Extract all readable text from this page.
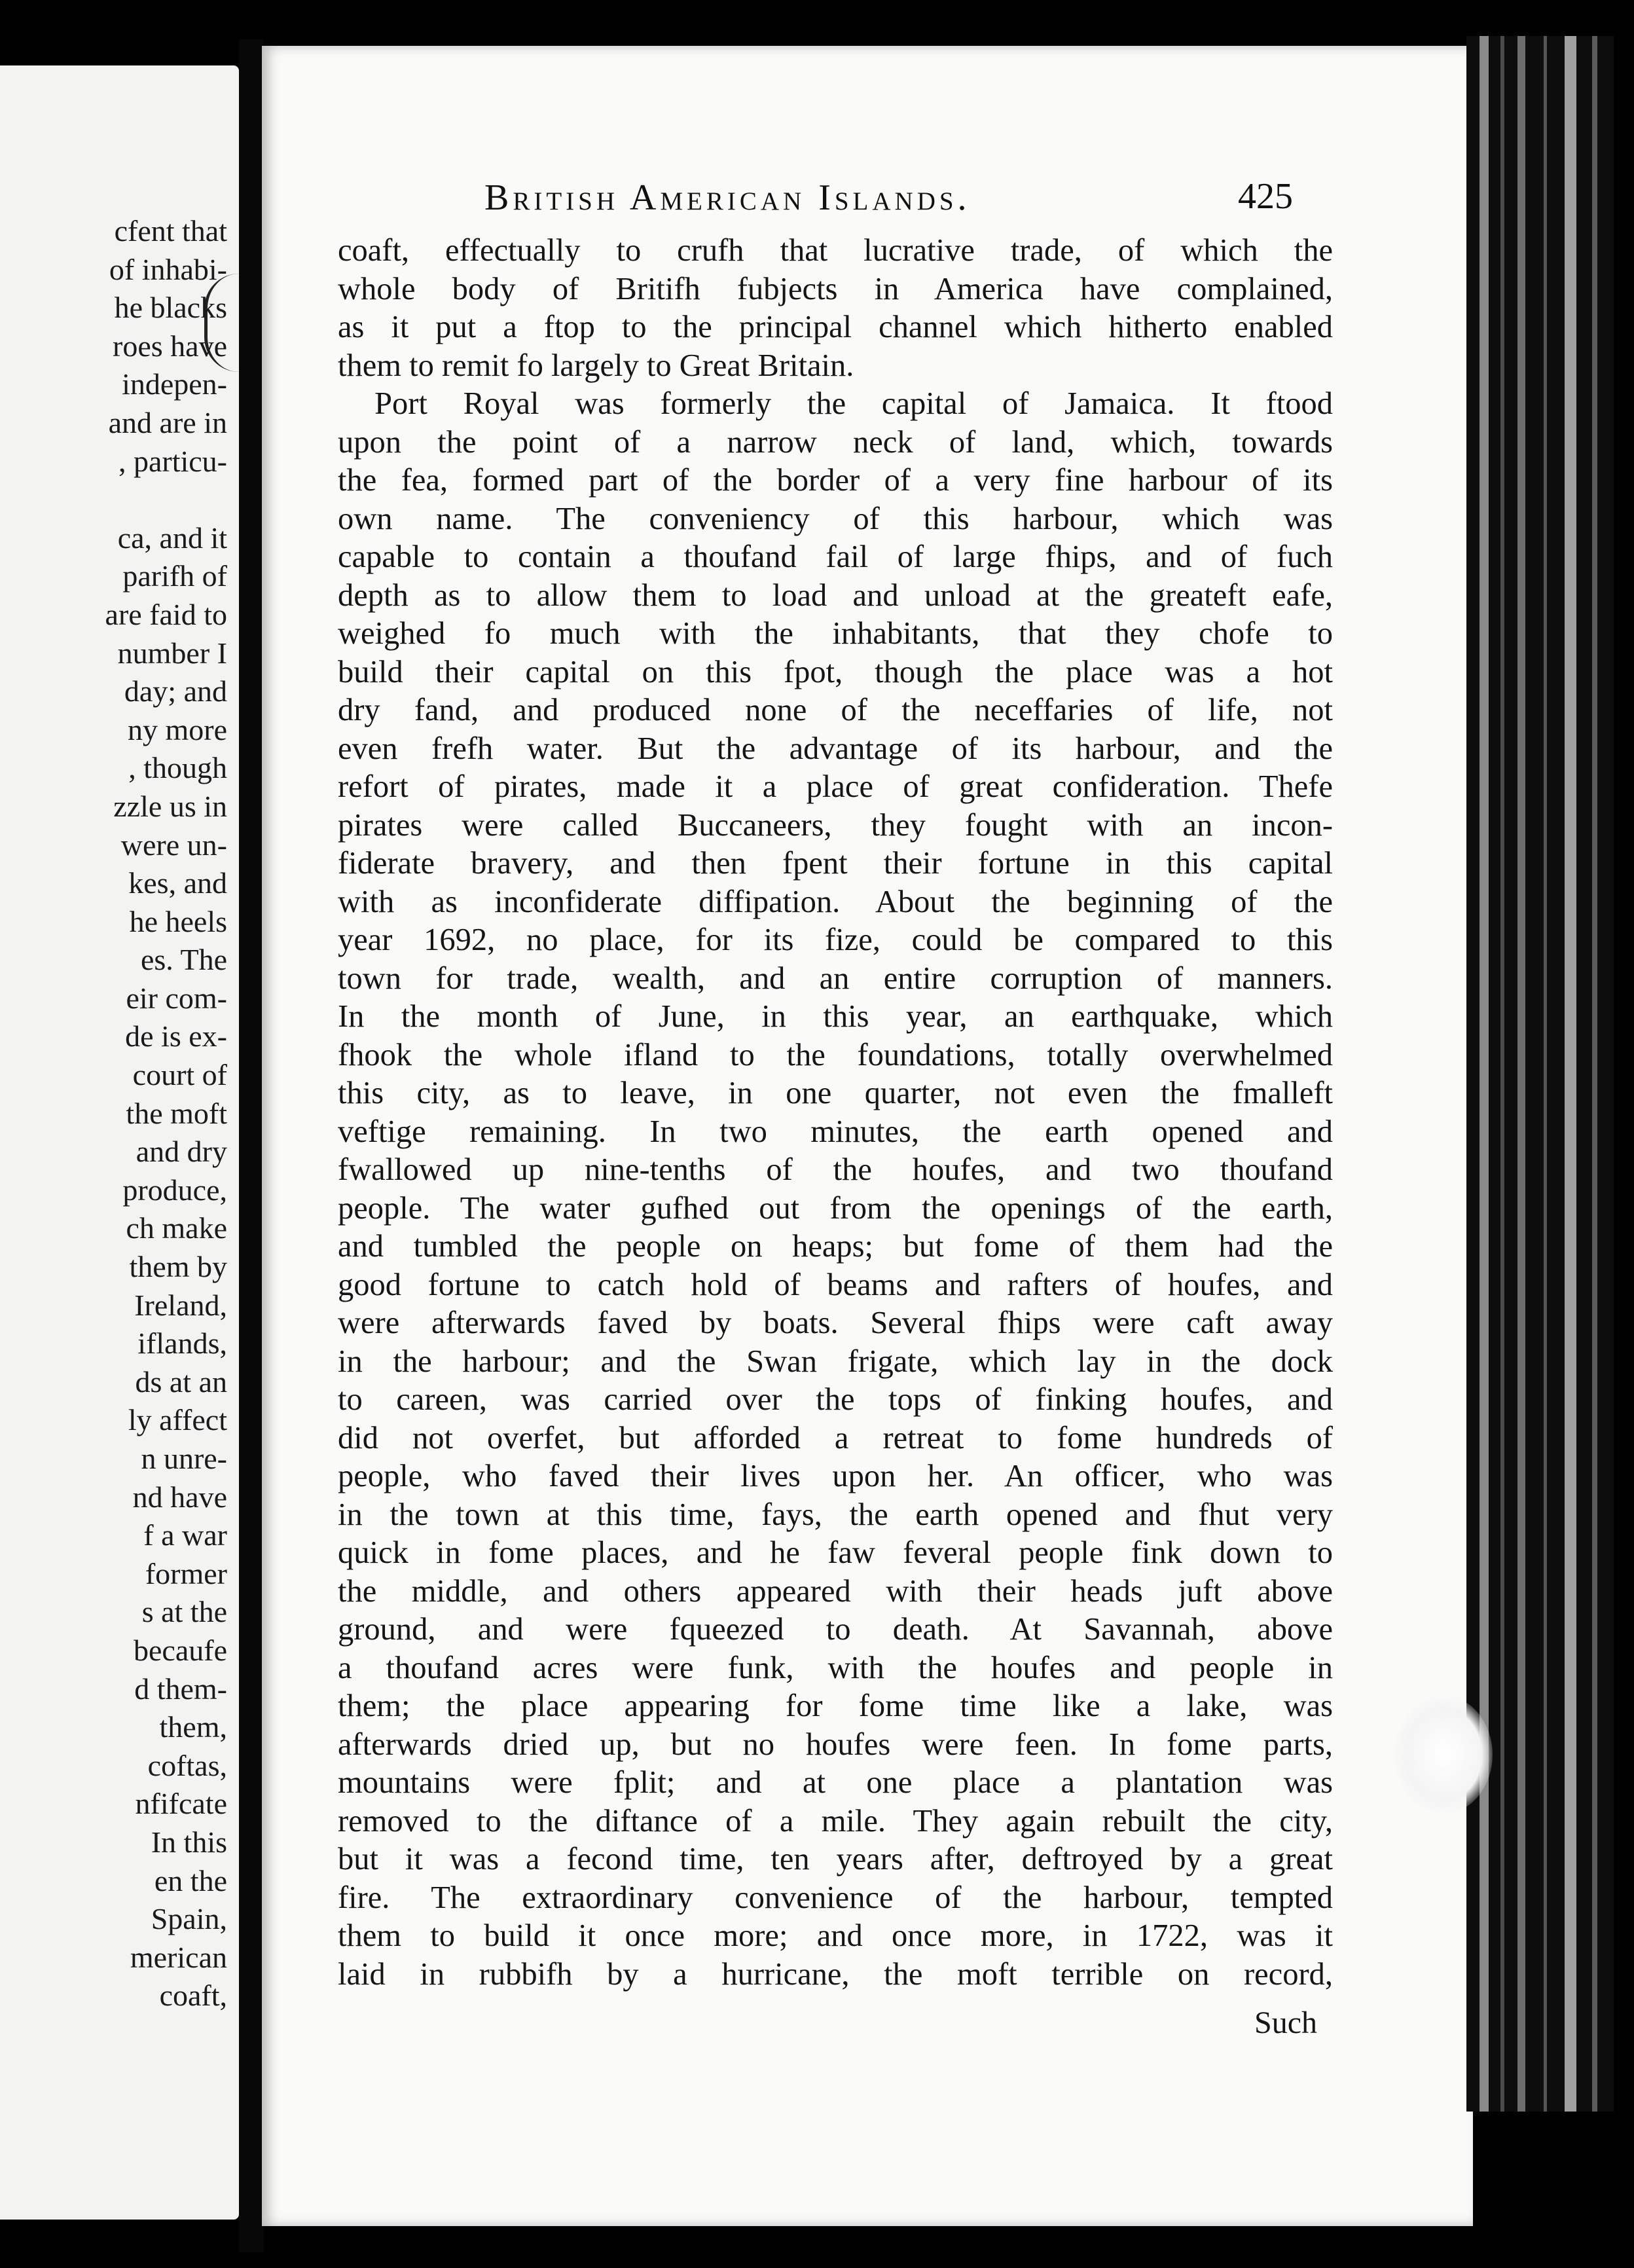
cfent that
of inhabi-
he blacks
roes have
indepen-
and are in
, particu-
ca, and it
parifh of
are faid to
number I
day; and
ny more
, though
zzle us in
were un-
kes, and
he heels
es. The
eir com-
de is ex-
court of
the moft
and dry
produce,
ch make
them by
Ireland,
iflands,
ds at an
ly affect
n unre-
nd have
f a war
former
s at the
becaufe
d them-
them,
coftas,
nfifcate
In this
en the
Spain,
merican
coaft,
British American Islands.	425
coaft, effectually to crufh that lucrative trade, of which the
whole body of Britifh fubjects in America have complained,
as it put a ftop to the principal channel which hitherto enabled
them to remit fo largely to Great Britain.
Port Royal was formerly the capital of Jamaica. It ftood
upon the point of a narrow neck of land, which, towards
the fea, formed part of the border of a very fine harbour of its
own name. The conveniency of this harbour, which was
capable to contain a thoufand fail of large fhips, and of fuch
depth as to allow them to load and unload at the greateft eafe,
weighed fo much with the inhabitants, that they chofe to
build their capital on this fpot, though the place was a hot
dry fand, and produced none of the neceffaries of life, not
even frefh water. But the advantage of its harbour, and the
refort of pirates, made it a place of great confideration. Thefe
pirates were called Buccaneers, they fought with an incon-
fiderate bravery, and then fpent their fortune in this capital
with as inconfiderate diffipation. About the beginning of the
year 1692, no place, for its fize, could be compared to this
town for trade, wealth, and an entire corruption of manners.
In the month of June, in this year, an earthquake, which
fhook the whole ifland to the foundations, totally overwhelmed
this city, as to leave, in one quarter, not even the fmalleft
veftige remaining. In two minutes, the earth opened and
fwallowed up nine-tenths of the houfes, and two thoufand
people. The water gufhed out from the openings of the earth,
and tumbled the people on heaps; but fome of them had the
good fortune to catch hold of beams and rafters of houfes, and
were afterwards faved by boats. Several fhips were caft away
in the harbour; and the Swan frigate, which lay in the dock
to careen, was carried over the tops of finking houfes, and
did not overfet, but afforded a retreat to fome hundreds of
people, who faved their lives upon her. An officer, who was
in the town at this time, fays, the earth opened and fhut very
quick in fome places, and he faw feveral people fink down to
the middle, and others appeared with their heads juft above
ground, and were fqueezed to death. At Savannah, above
a thoufand acres were funk, with the houfes and people in
them; the place appearing for fome time like a lake, was
afterwards dried up, but no houfes were feen. In fome parts,
mountains were fplit; and at one place a plantation was
removed to the diftance of a mile. They again rebuilt the city,
but it was a fecond time, ten years after, deftroyed by a great
fire. The extraordinary convenience of the harbour, tempted
them to build it once more; and once more, in 1722, was it
laid in rubbifh by a hurricane, the moft terrible on record,
Such
